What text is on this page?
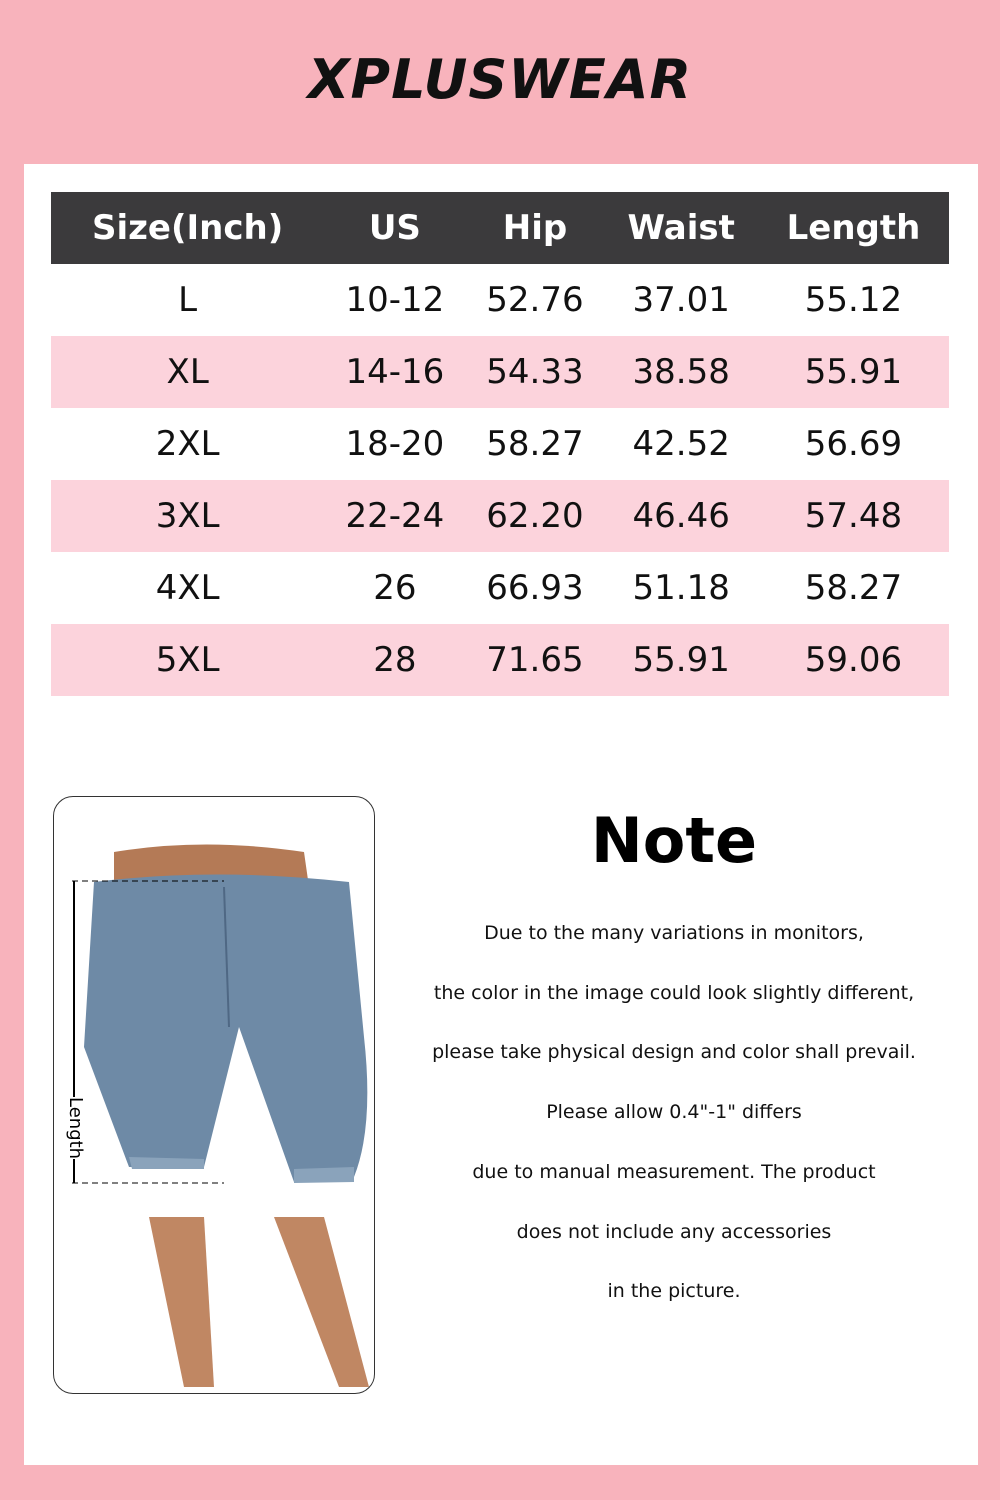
XPLUSWEAR
Size(Inch)	US	Hip	Waist	Length
L	10-12	52.76	37.01	55.12
XL	14-16	54.33	38.58	55.91
2XL	18-20	58.27	42.52	56.69
3XL	22-24	62.20	46.46	57.48
4XL	26	66.93	51.18	58.27
5XL	28	71.65	55.91	59.06
Length
Note
Due to the many variations in monitors,
the color in the image could look slightly different,
please take physical design and color shall prevail.
Please allow 0.4"-1" differs
due to manual measurement. The product
does not include any accessories
in the picture.
